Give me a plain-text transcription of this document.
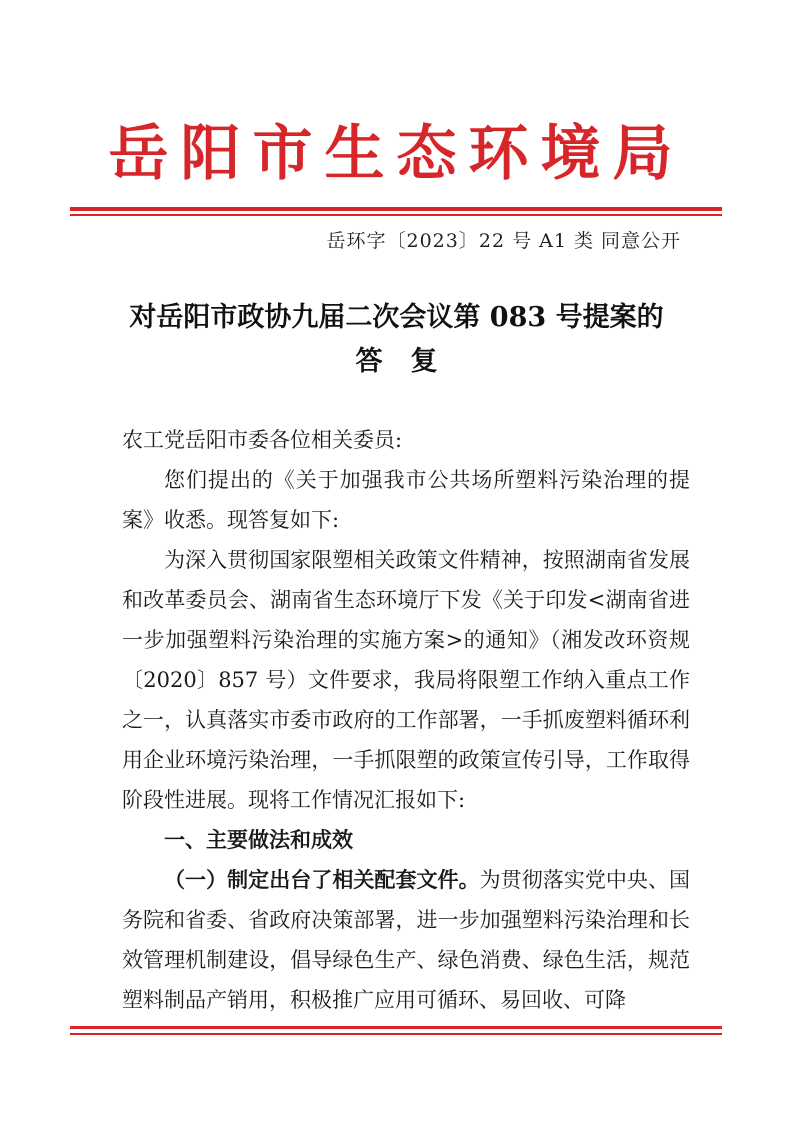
岳阳市生态环境局
岳环字〔2023〕22 号 A1 类 同意公开
对岳阳市政协九届二次会议第 083 号提案的
答复

农工党岳阳市委各位相关委员:

您们提出的《关于加强我市公共场所塑料污染治理的提案》收悉。现答复如下:

为深入贯彻国家限塑相关政策文件精神，按照湖南省发展和改革委员会、湖南省生态环境厅下发《关于印发<湖南省进一步加强塑料污染治理的实施方案>的通知》（湘发改环资规〔2020〕857 号）文件要求，我局将限塑工作纳入重点工作之一，认真落实市委市政府的工作部署，一手抓废塑料循环利用企业环境污染治理，一手抓限塑的政策宣传引导，工作取得阶段性进展。现将工作情况汇报如下:

一、主要做法和成效

（一）制定出台了相关配套文件。为贯彻落实党中央、国务院和省委、省政府决策部署，进一步加强塑料污染治理和长效管理机制建设，倡导绿色生产、绿色消费、绿色生活，规范塑料制品产销用，积极推广应用可循环、易回收、可降
